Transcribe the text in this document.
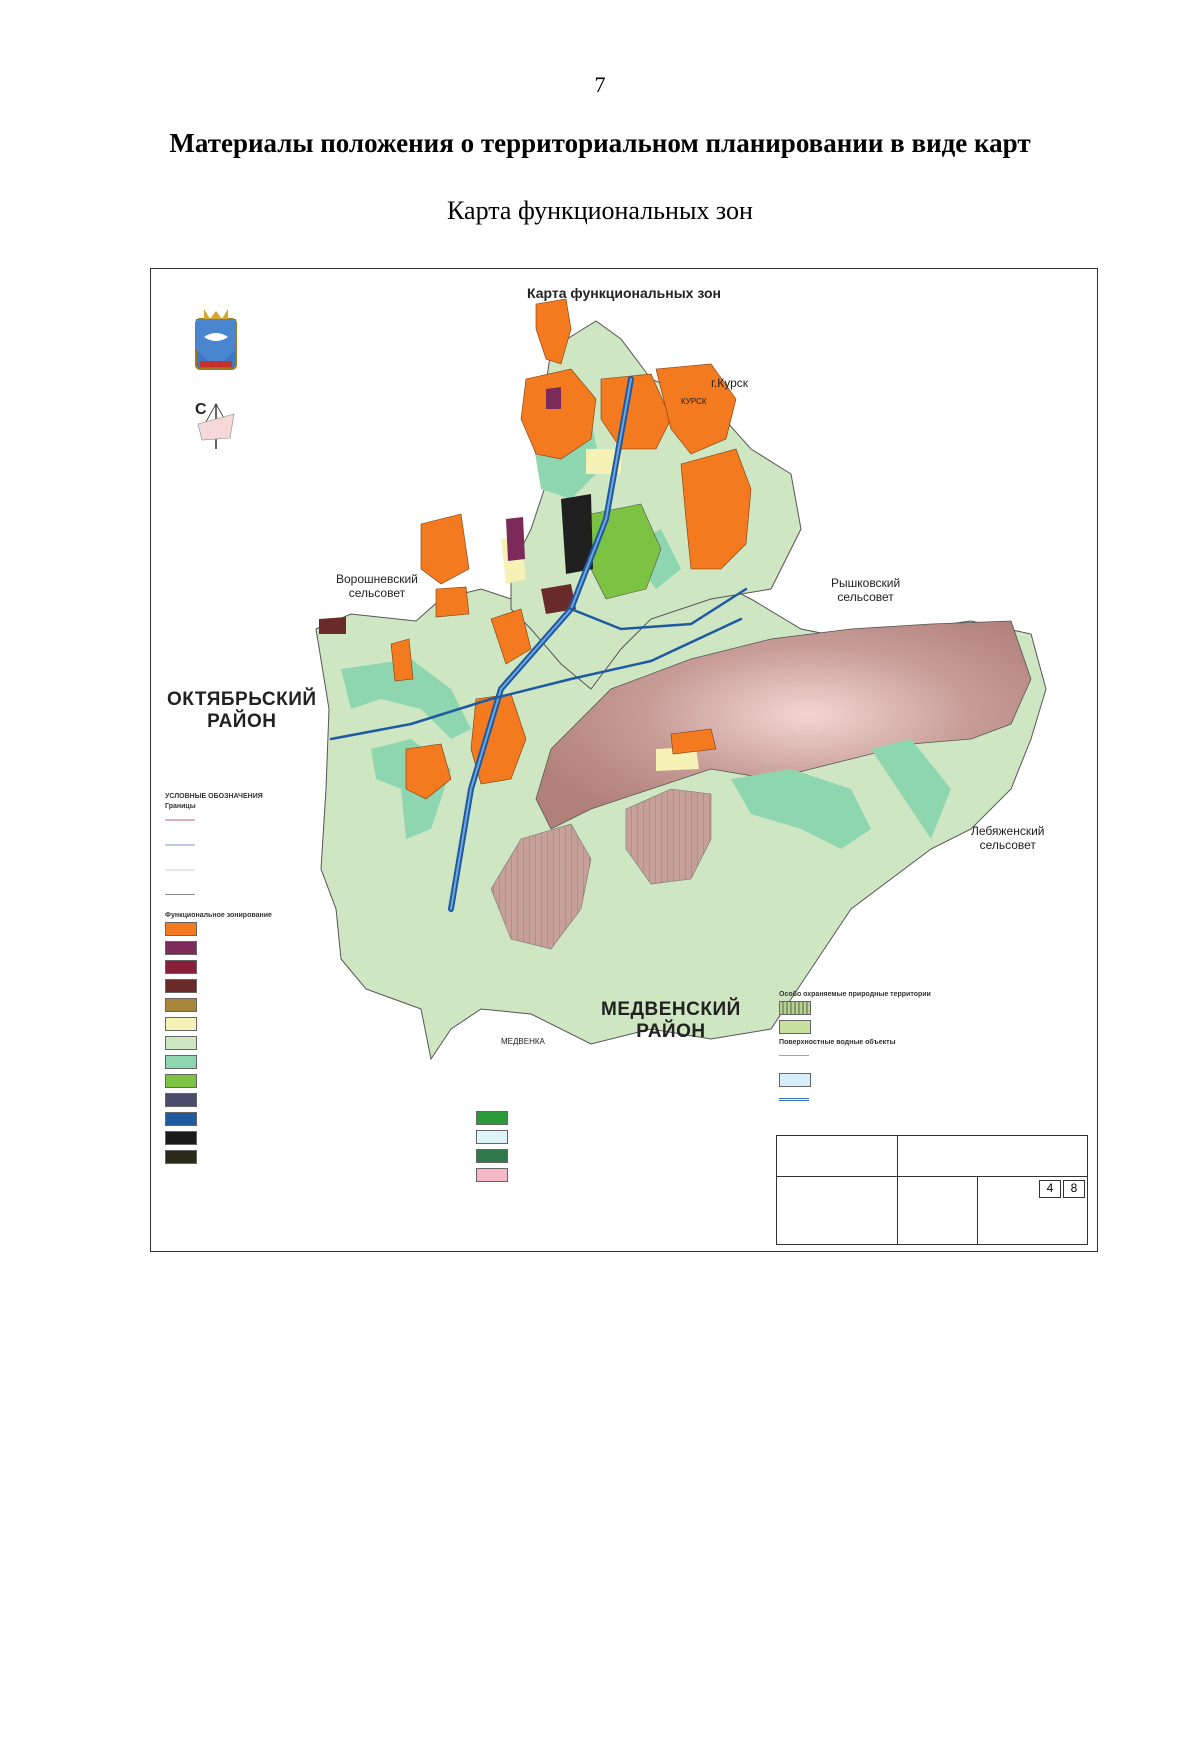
7
Материалы положения о территориальном планировании в виде карт
Карта функциональных зон
Карта функциональных зон
С
г.Курск
КУРСК
Ворошневский
сельсовет
Рышковский
сельсовет
ОКТЯБРЬСКИЙ
РАЙОН
Лебяженский
сельсовет
МЕДВЕНСКИЙ
РАЙОН
МЕДВЕНКА
УСЛОВНЫЕ ОБОЗНАЧЕНИЯ
Границы
Функциональное зонирование
Особо охраняемые природные территории
Поверхностные водные объекты
4	8
